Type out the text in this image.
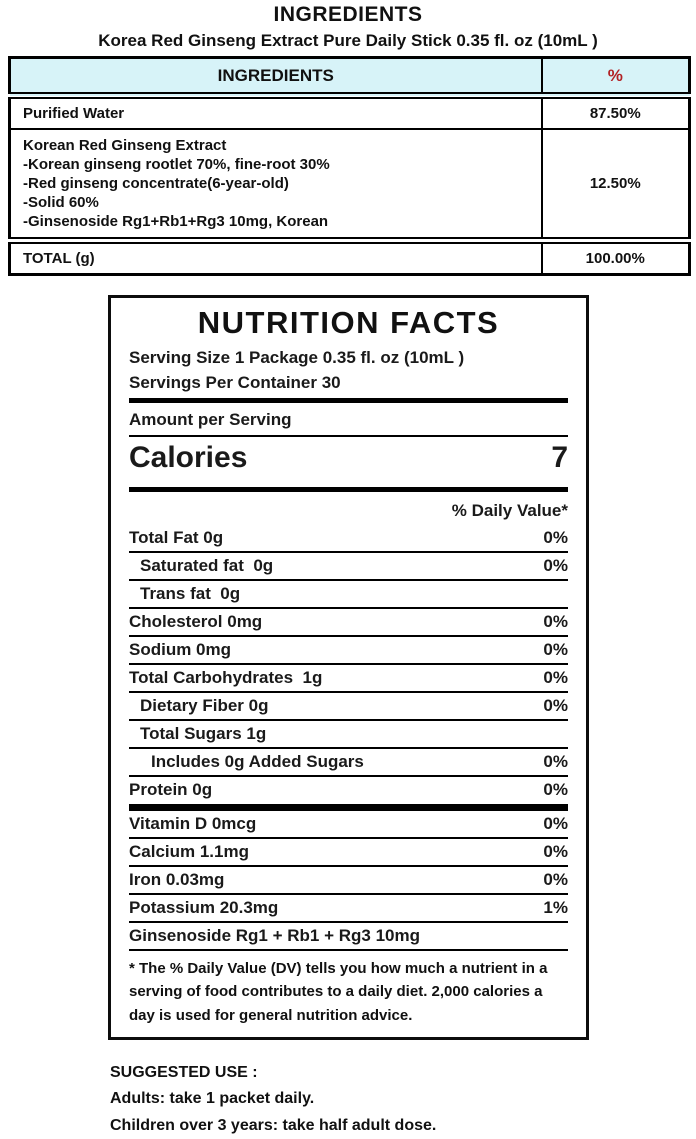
INGREDIENTS
Korea Red Ginseng Extract Pure Daily Stick 0.35 fl. oz (10mL )
INGREDIENTS	%
Purified Water	87.50%

Korean Red Ginseng Extract
-Korean ginseng rootlet 70%, fine-root 30%
-Red ginseng concentrate(6-year-old)
-Solid 60%
-Ginsenoside Rg1+Rb1+Rg3 10mg, Korean	12.50%
TOTAL (g)	100.00%
NUTRITION FACTS
Serving Size 1 Package 0.35 fl. oz (10mL )
Servings Per Container 30
Amount per Serving
Calories	7
% Daily Value*
Total Fat 0g	0%
Saturated fat  0g	0%
Trans fat  0g
Cholesterol 0mg	0%
Sodium 0mg	0%
Total Carbohydrates  1g	0%
Dietary Fiber 0g	0%
Total Sugars 1g
Includes 0g Added Sugars	0%
Protein 0g	0%
Vitamin D 0mcg	0%
Calcium 1.1mg	0%
Iron 0.03mg	0%
Potassium 20.3mg	1%
Ginsenoside Rg1 + Rb1 + Rg3 10mg
* The % Daily Value (DV) tells you how much a nutrient in a serving of food contributes to a daily diet. 2,000 calories a day is used for general nutrition advice.
SUGGESTED USE :
Adults: take 1 packet daily.
Children over 3 years: take half adult dose.
